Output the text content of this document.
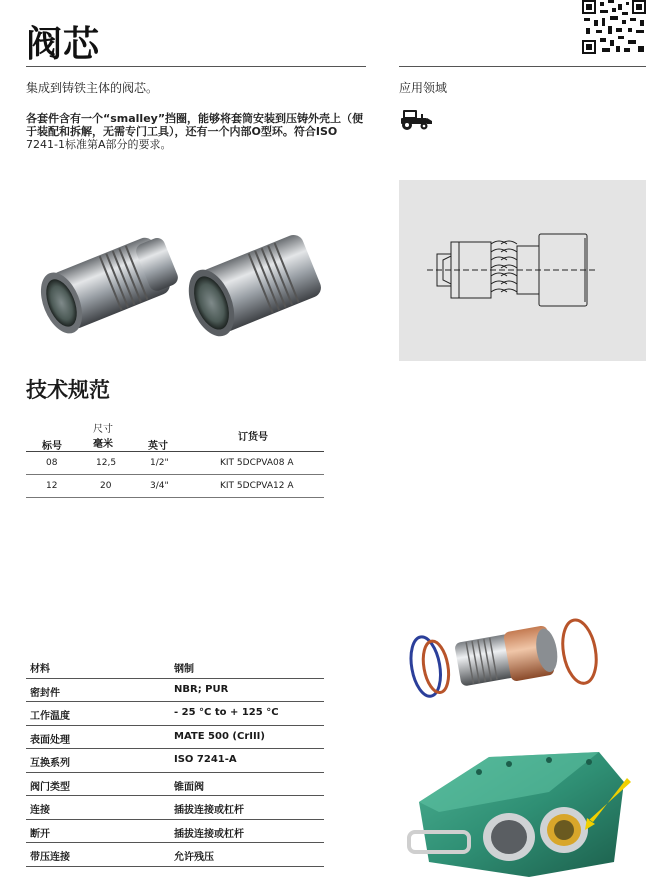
阀芯
集成到铸铁主体的阀芯。
各套件含有一个“smalley”挡圈，能够将套筒安装到压铸外壳上（便于装配和拆解，无需专门工具），还有一个内部O型环。符合ISO 7241-1标准第A部分的要求。
应用领域
技术规范
尺寸
标号	毫米	英寸
订货号
08	12,5	1/2"	KIT 5DCPVA08 A
12	20	3/4"	KIT 5DCPVA12 A
材料	钢制
密封件	NBR; PUR
工作温度	- 25 °C to + 125 °C
表面处理	MATE 500 (CrIII)
互换系列	ISO 7241-A
阀门类型	锥面阀
连接	插拔连接或杠杆
断开	插拔连接或杠杆
带压连接	允许残压
